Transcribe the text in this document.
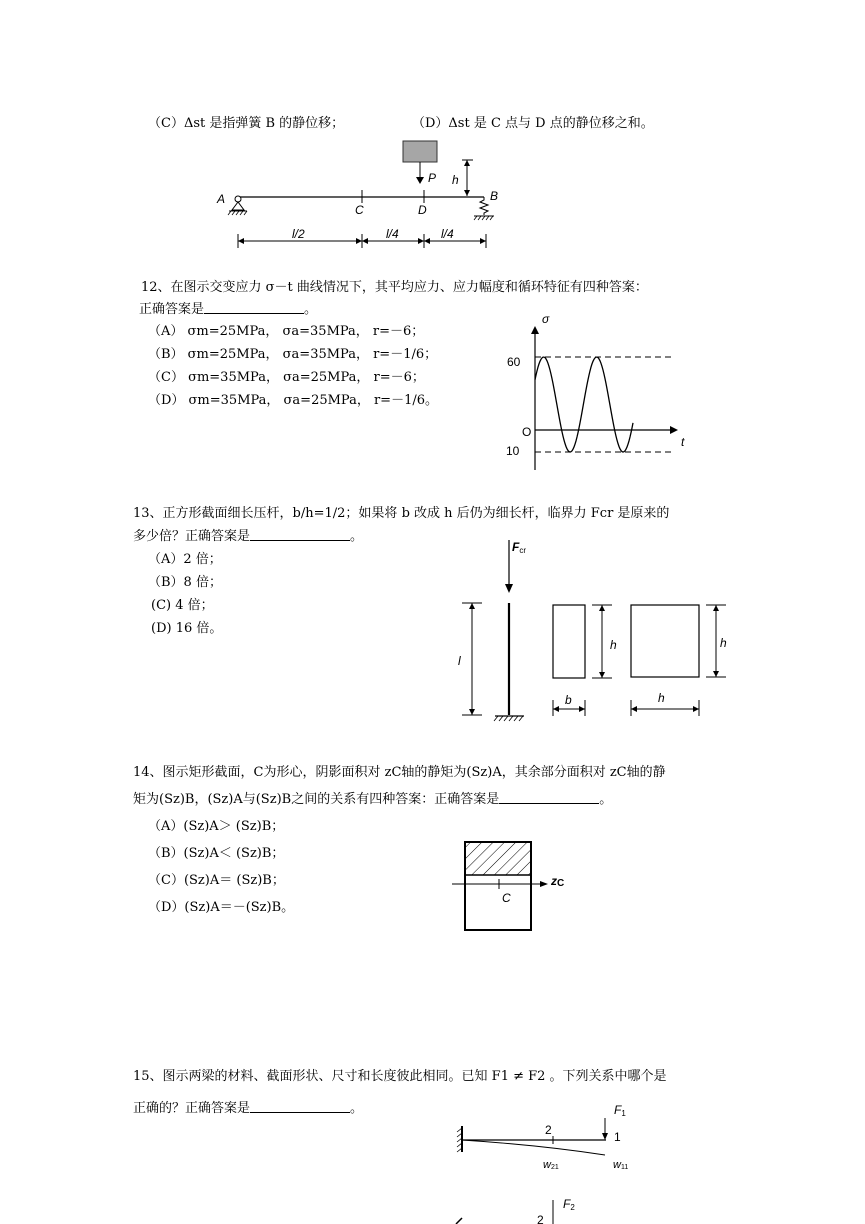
（C）Δst 是指弹簧 B 的静位移；	（D）Δst 是 C 点与 D 点的静位移之和。
P h
A	B
C	D
l/2	l/4	l/4
12、在图示交变应力 σ－t 曲线情况下，其平均应力、应力幅度和循环特征有四种答案：
正确答案是	。
（A） σm=25MPa， σa=35MPa， r=－6；
（B） σm=25MPa， σa=35MPa， r=－1/6；
（C） σm=35MPa， σa=25MPa， r=－6；
（D） σm=35MPa， σa=25MPa， r=－1/6。
σ
t
O
60
10
13、正方形截面细长压杆，b/h=1/2；如果将 b 改成 h 后仍为细长杆，临界力 Fcr 是原来的
多少倍？正确答案是	。
（A）2 倍；
（B）8 倍；
(C) 4 倍；
(D) 16 倍。
Fcr
l
h
b
h
h
14、图示矩形截面，C为形心，阴影面积对 zC轴的静矩为(Sz)A，其余部分面积对 zC轴的静
矩为(Sz)B，(Sz)A与(Sz)B之间的关系有四种答案：正确答案是	。
（A）(Sz)A＞ (Sz)B；
（B）(Sz)A＜ (Sz)B；
（C）(Sz)A＝ (Sz)B；
（D）(Sz)A＝－(Sz)B。
zC
C
15、图示两梁的材料、截面形状、尺寸和长度彼此相同。已知 F1 ≠ F2 。下列关系中哪个是
正确的？正确答案是	。	F1
2	1
w21	w11
F2
2
